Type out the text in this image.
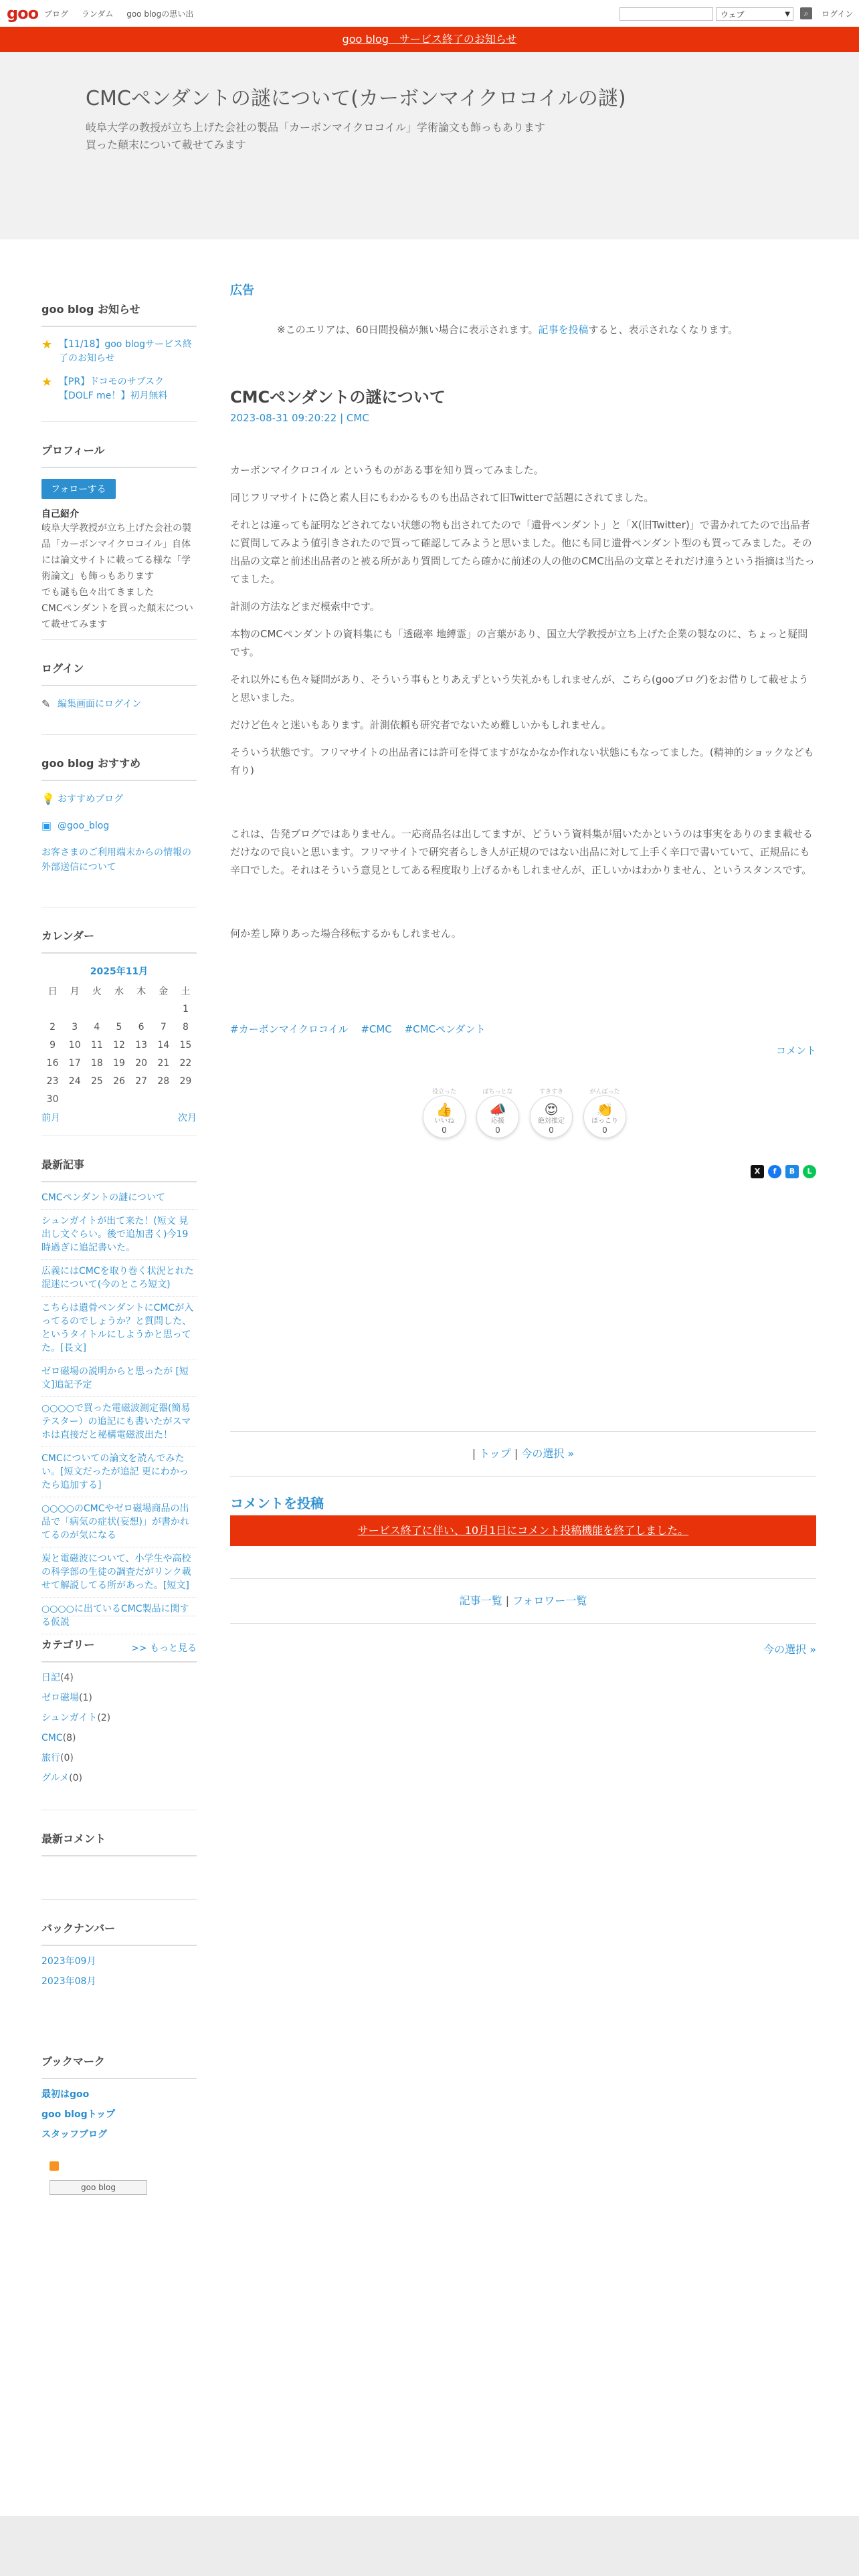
goo ブログ ランダム goo blogの思い出	ウェブ	▼	⌕	ログイン
goo blog　サービス終了のお知らせ
CMCペンダントの謎について(カーボンマイクロコイルの謎)
岐阜大学の教授が立ち上げた会社の製品「カーボンマイクロコイル」学術論文も飾っもあります
買った顛末について載せてみます
goo blog お知らせ
★ 【11/18】goo blogサービス終了のお知らせ
★ 【PR】ドコモのサブスク【DOLF me！】初月無料
プロフィール
フォローする
自己紹介
岐阜大学教授が立ち上げた会社の製品「カーボンマイクロコイル」自体には論文サイトに載ってる様な「学術論文」も飾っもあります
でも謎も色々出てきました
CMCペンダントを買った顛末について載せてみます
ログイン
✎ 編集画面にログイン
goo blog おすすめ
💡 おすすめブログ
▣ @goo_blog
お客さまのご利用端末からの情報の外部送信について
カレンダー
2025年11月
日	月	火	水	木	金	土
						1
2	3	4	5	6	7	8
9	10	11	12	13	14	15
16	17	18	19	20	21	22
23	24	25	26	27	28	29
30						
前月	次月
最新記事
CMCペンダントの謎について
シュンガイトが出て来た！(短文 見出し文ぐらい。後で追加書く)今19時過ぎに追記書いた。
広義にはCMCを取り巻く状況とれた混迷について(今のところ短文)
こちらは遺骨ペンダントにCMCが入ってるのでしょうか？と質問した、というタイトルにしようかと思ってた。[長文]
ゼロ磁場の説明からと思ったが [短文]追記予定
○○○○で買った電磁波測定器(簡易テスター）の追記にも書いたがスマホは直接だと秘構電磁波出た！
CMCについての論文を読んでみたい。[短文だったが追記 更にわかったら追加する]
○○○○のCMCやゼロ磁場商品の出品で「病気の症状(妄想)」が書かれてるのが気になる
炭と電磁波について、小学生や高校の科学部の生徒の調査だがリンク載せて解説してる所があった。[短文]
○○○○に出ているCMC製品に関する仮説
>> もっと見る
カテゴリー
日記(4)
ゼロ磁場(1)
シュンガイト(2)
CMC(8)
旅行(0)
グルメ(0)
最新コメント
バックナンバー
2023年09月
2023年08月
ブックマーク
最初はgoo
goo blogトップ
スタッフブログ

goo blog
広告
※このエリアは、60日間投稿が無い場合に表示されます。記事を投稿すると、表示されなくなります。
CMCペンダントの謎について
2023-08-31 09:20:22 | CMC

カーボンマイクロコイル というものがある事を知り買ってみました。

同じフリマサイトに偽と素人目にもわかるものも出品されて旧Twitterで話題にされてました。

それとは違っても証明などされてない状態の物も出されてたので「遺骨ペンダント」と「X(旧Twitter)」で書かれてたので出品者に質問してみよう値引きされたので買って確認してみようと思いました。他にも同じ遺骨ペンダント型のも買ってみました。その出品の文章と前述出品者のと被る所があり質問してたら確かに前述の人の他のCMC出品の文章とそれだけ違うという指摘は当たってました。

計測の方法などまだ模索中です。

本物のCMCペンダントの資料集にも「透磁率 地縛霊」の言葉があり、国立大学教授が立ち上げた企業の製なのに、ちょっと疑問です。

それ以外にも色々疑問があり、そういう事もとりあえずという失礼かもしれませんが、こちら(gooブログ)をお借りして載せようと思いました。

だけど色々と迷いもあります。計測依頼も研究者でないため難しいかもしれません。

そういう状態です。フリマサイトの出品者には許可を得てますがなかなか作れない状態にもなってました。(精神的ショックなども有り)

これは、告発ブログではありません。一応商品名は出してますが、どういう資料集が届いたかというのは事実をありのまま載せるだけなので良いと思います。フリマサイトで研究者らしき人が正規のではない出品に対して上手く辛口で書いていて、正規品にも辛口でした。それはそういう意見としてある程度取り上げるかもしれませんが、正しいかはわかりません、というスタンスです。

何か差し障りあった場合移転するかもしれません。

#カーボンマイクロコイル #CMC #CMCペンダント
コメント
役立った
👍
いいね
0
ぽちっとな
📣
応援
0
すきすき
😍
絶対推定
0
がんばった
👏
ほっこり
0
X f B L
| トップ | 今の選択 »
コメントを投稿
サービス終了に伴い、10月1日にコメント投稿機能を終了しました。
記事一覧 | フォロワー一覧
今の選択 »
